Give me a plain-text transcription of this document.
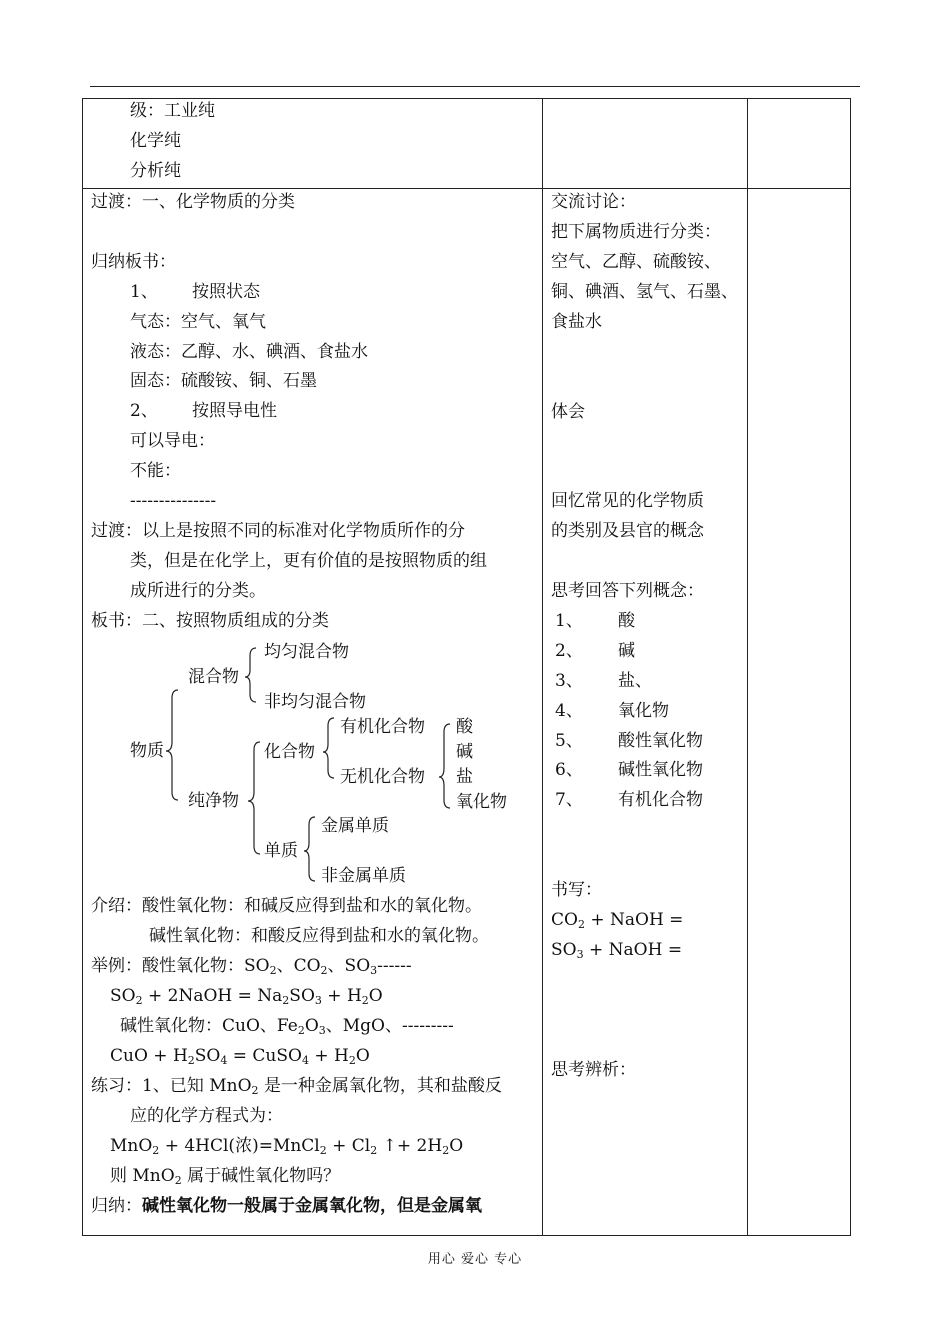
级：工业纯
化学纯
分析纯
过渡：一、化学物质的分类
归纳板书：
1、 按照状态
气态：空气、氧气
液态：乙醇、水、碘酒、食盐水
固态：硫酸铵、铜、石墨
2、 按照导电性
可以导电：
不能：
---------------
过渡：以上是按照不同的标准对化学物质所作的分
类，但是在化学上，更有价值的是按照物质的组
成所进行的分类。
板书：二、按照物质组成的分类
物质
混合物
均匀混合物
非均匀混合物
纯净物
化合物
有机化合物
无机化合物
酸
碱
盐
氧化物
单质
金属单质
非金属单质
介绍：酸性氧化物：和碱反应得到盐和水的氧化物。
碱性氧化物：和酸反应得到盐和水的氧化物。
举例：酸性氧化物：$SO_2$、$CO_2$、$SO_3------$
$SO_2$ + 2NaOH = $Na_2SO_3 + H_2O$
碱性氧化物：CuO、$Fe_2O_3$、MgO、---------
CuO + $H_2SO_4$ = CuSO$_4$ + $H_2O$
练习：1、已知 MnO$_2$ 是一种金属氧化物，其和盐酸反
应的化学方程式为：
MnO$_2$ + 4HCl(浓)=MnCl$_2$ + $Cl_2$ ↑+ $2H_2O$
则 MnO$_2$ 属于碱性氧化物吗？
归纳：碱性氧化物一般属于金属氧化物，但是金属氧
交流讨论：
把下属物质进行分类：
空气、乙醇、硫酸铵、
铜、碘酒、氢气、石墨、
食盐水
体会
回忆常见的化学物质
的类别及县官的概念
思考回答下列概念：
1、 酸
2、 碱
3、 盐、
4、 氧化物
5、 酸性氧化物
6、 碱性氧化物
7、 有机化合物
书写：
$CO_2$ + NaOH =
$SO_3$ + NaOH =
思考辨析：
用心 爱心 专心
